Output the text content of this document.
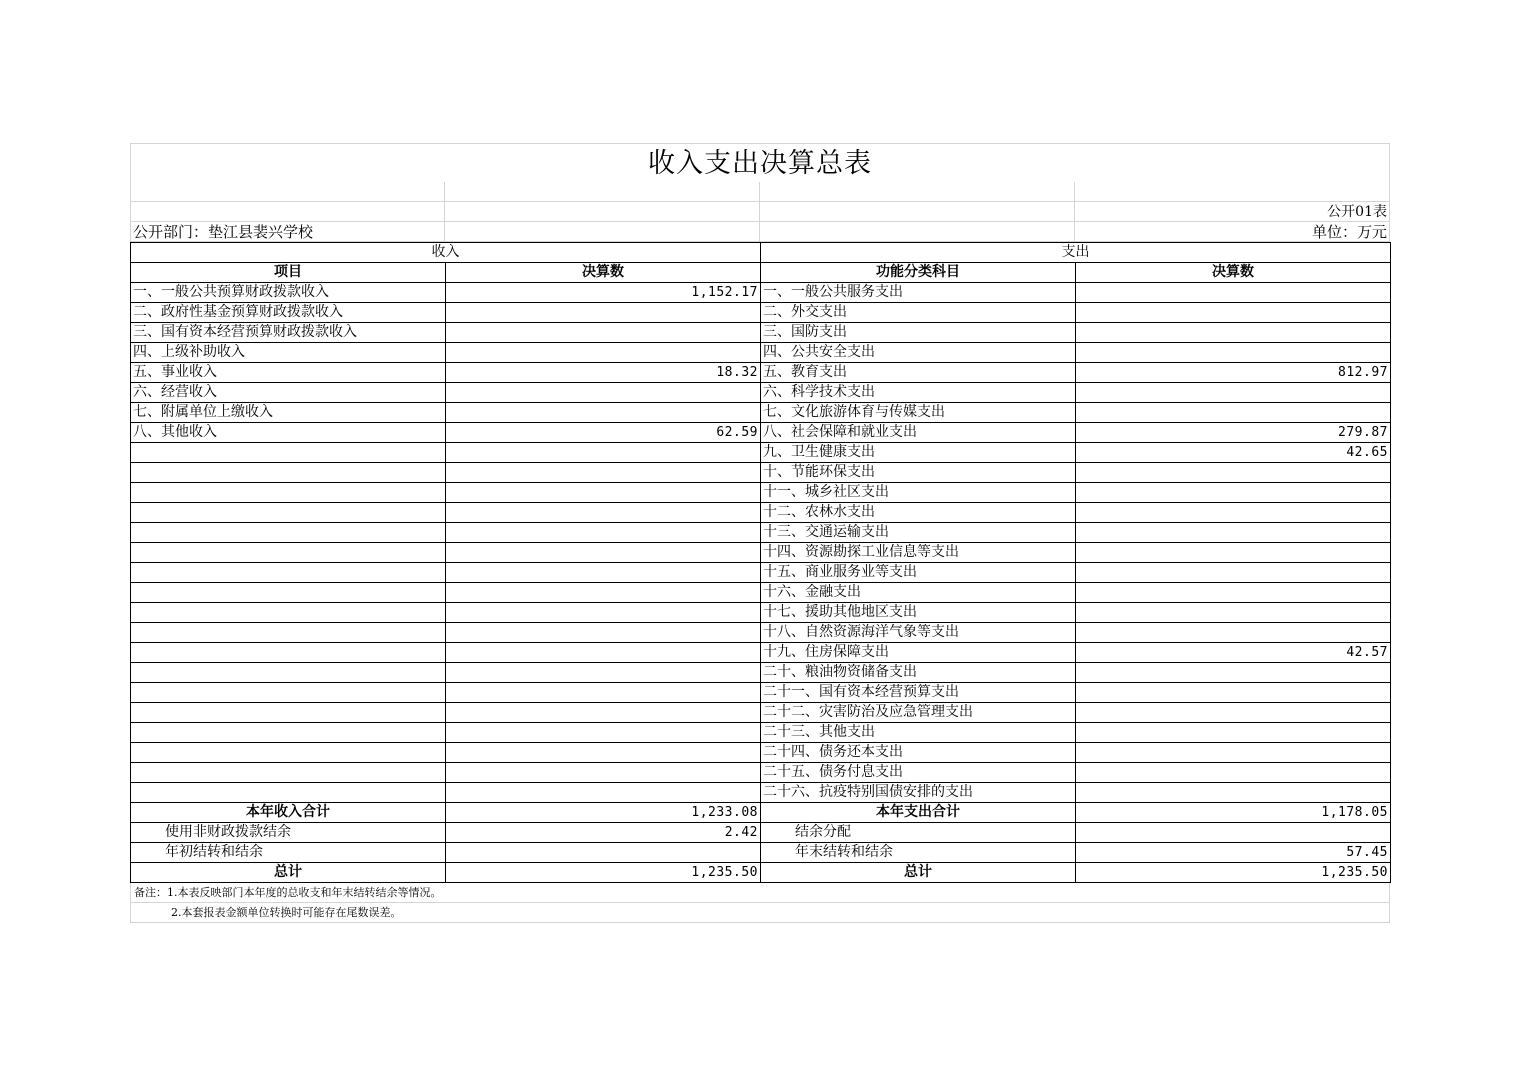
收入支出决算总表
公开01表
公开部门：垫江县裴兴学校	单位：万元
收入		支出	
项目	决算数	功能分类科目	决算数
一、一般公共预算财政拨款收入	1,152.17	一、一般公共服务支出	
二、政府性基金预算财政拨款收入		二、外交支出	
三、国有资本经营预算财政拨款收入		三、国防支出	
四、上级补助收入		四、公共安全支出	
五、事业收入	18.32	五、教育支出	812.97
六、经营收入		六、科学技术支出	
七、附属单位上缴收入		七、文化旅游体育与传媒支出	
八、其他收入	62.59	八、社会保障和就业支出	279.87
		九、卫生健康支出	42.65
		十、节能环保支出	
		十一、城乡社区支出	
		十二、农林水支出	
		十三、交通运输支出	
		十四、资源勘探工业信息等支出	
		十五、商业服务业等支出	
		十六、金融支出	
		十七、援助其他地区支出	
		十八、自然资源海洋气象等支出	
		十九、住房保障支出	42.57
		二十、粮油物资储备支出	
		二十一、国有资本经营预算支出	
		二十二、灾害防治及应急管理支出	
		二十三、其他支出	
		二十四、债务还本支出	
		二十五、债务付息支出	
		二十六、抗疫特别国债安排的支出	
本年收入合计	1,233.08	本年支出合计	1,178.05
使用非财政拨款结余	2.42	结余分配	
年初结转和结余		年末结转和结余	57.45
总计	1,235.50	总计	1,235.50
备注：1.本表反映部门本年度的总收支和年末结转结余等情况。
2.本套报表金额单位转换时可能存在尾数误差。
